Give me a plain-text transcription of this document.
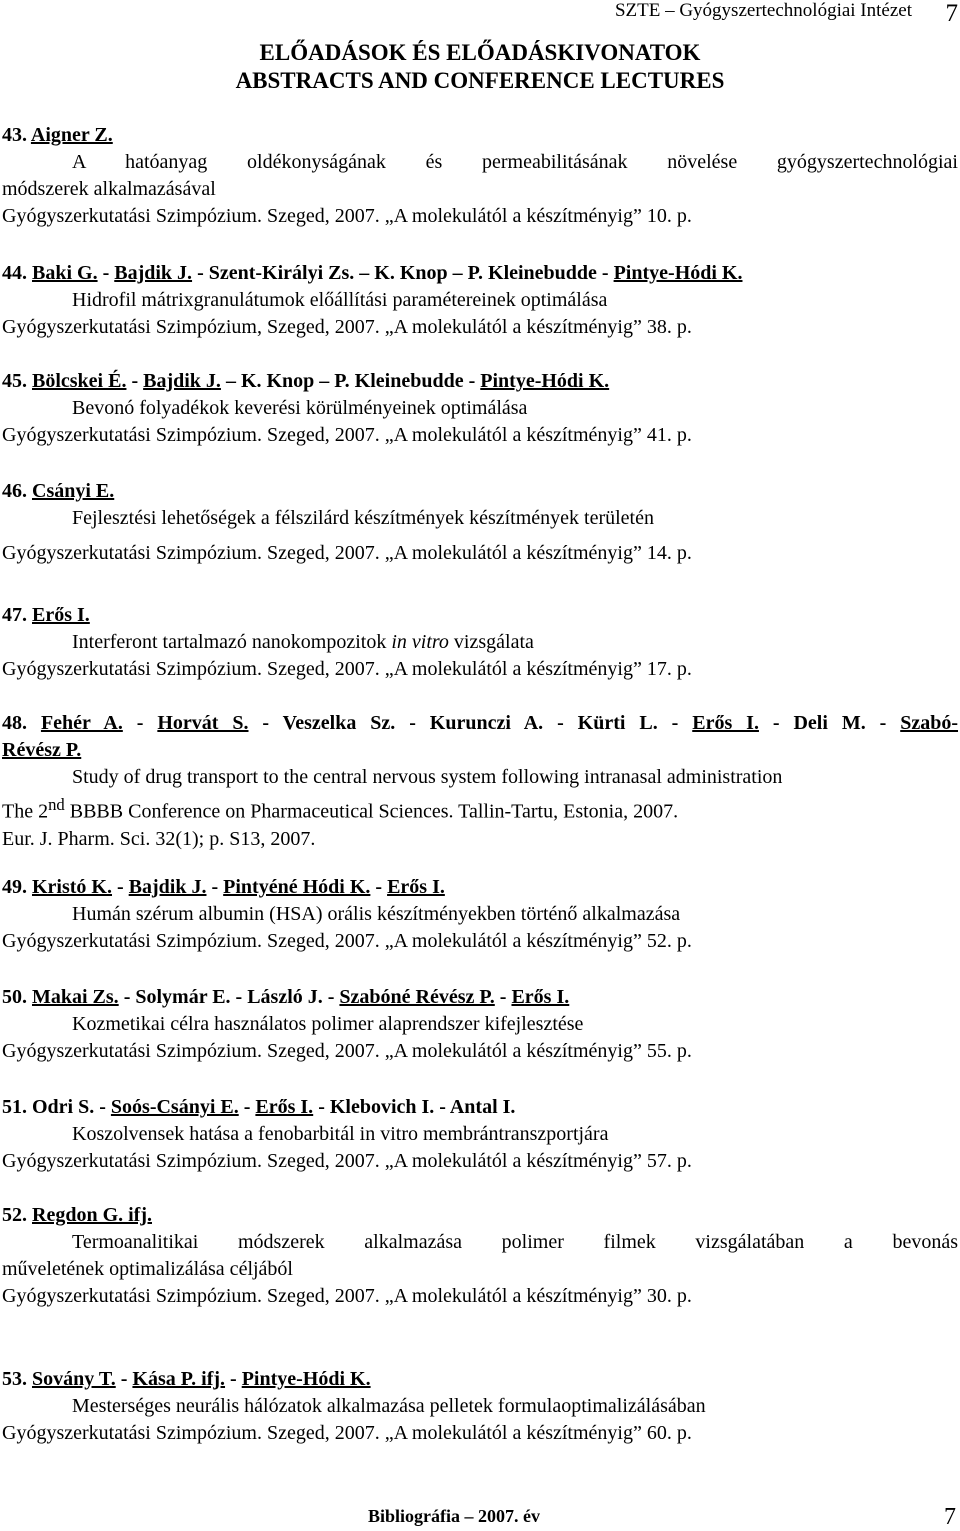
SZTE – Gyógyszertechnológiai Intézet 7
ELŐADÁSOK ÉS ELŐADÁSKIVONATOK
ABSTRACTS AND CONFERENCE LECTURES
43. Aigner Z.
A hatóanyag oldékonyságának és permeabilitásának növelése gyógyszertechnológiai
módszerek alkalmazásával
Gyógyszerkutatási Szimpózium. Szeged, 2007. „A molekulától a készítményig” 10. p.
44. Baki G. - Bajdik J. - Szent-Királyi Zs. – K. Knop – P. Kleinebudde - Pintye-Hódi K.
Hidrofil mátrixgranulátumok előállítási paramétereinek optimálása
Gyógyszerkutatási Szimpózium, Szeged, 2007. „A molekulától a készítményig” 38. p.
45. Bölcskei É. - Bajdik J. – K. Knop – P. Kleinebudde - Pintye-Hódi K.
Bevonó folyadékok keverési körülményeinek optimálása
Gyógyszerkutatási Szimpózium. Szeged, 2007. „A molekulától a készítményig” 41. p.
46. Csányi E.
Fejlesztési lehetőségek a félszilárd készítmények készítmények területén
Gyógyszerkutatási Szimpózium. Szeged, 2007. „A molekulától a készítményig” 14. p.
47. Erős I.
Interferont tartalmazó nanokompozitok in vitro vizsgálata
Gyógyszerkutatási Szimpózium. Szeged, 2007. „A molekulától a készítményig” 17. p.
48. Fehér A. - Horvát S. - Veszelka Sz. - Kurunczi A. - Kürti L. - Erős I. - Deli M. - Szabó-
Révész P.
Study of drug transport to the central nervous system following intranasal administration
The 2nd BBBB Conference on Pharmaceutical Sciences. Tallin-Tartu, Estonia, 2007.
Eur. J. Pharm. Sci. 32(1); p. S13, 2007.
49. Kristó K. - Bajdik J. - Pintyéné Hódi K. - Erős I.
Humán szérum albumin (HSA) orális készítményekben történő alkalmazása
Gyógyszerkutatási Szimpózium. Szeged, 2007. „A molekulától a készítményig” 52. p.
50. Makai Zs. - Solymár E. - László J. - Szabóné Révész P. - Erős I.
Kozmetikai célra használatos polimer alaprendszer kifejlesztése
Gyógyszerkutatási Szimpózium. Szeged, 2007. „A molekulától a készítményig” 55. p.
51. Odri S. - Soós-Csányi E. - Erős I. - Klebovich I. - Antal I.
Koszolvensek hatása a fenobarbitál in vitro membrántranszportjára
Gyógyszerkutatási Szimpózium. Szeged, 2007. „A molekulától a készítményig” 57. p.
52. Regdon G. ifj.
Termoanalitikai módszerek alkalmazása polimer filmek vizsgálatában a bevonás
műveletének optimalizálása céljából
Gyógyszerkutatási Szimpózium. Szeged, 2007. „A molekulától a készítményig” 30. p.
53. Sovány T. - Kása P. ifj. - Pintye-Hódi K.
Mesterséges neurális hálózatok alkalmazása pelletek formulaoptimalizálásában
Gyógyszerkutatási Szimpózium. Szeged, 2007. „A molekulától a készítményig” 60. p.
Bibliográfia – 2007. év	7
